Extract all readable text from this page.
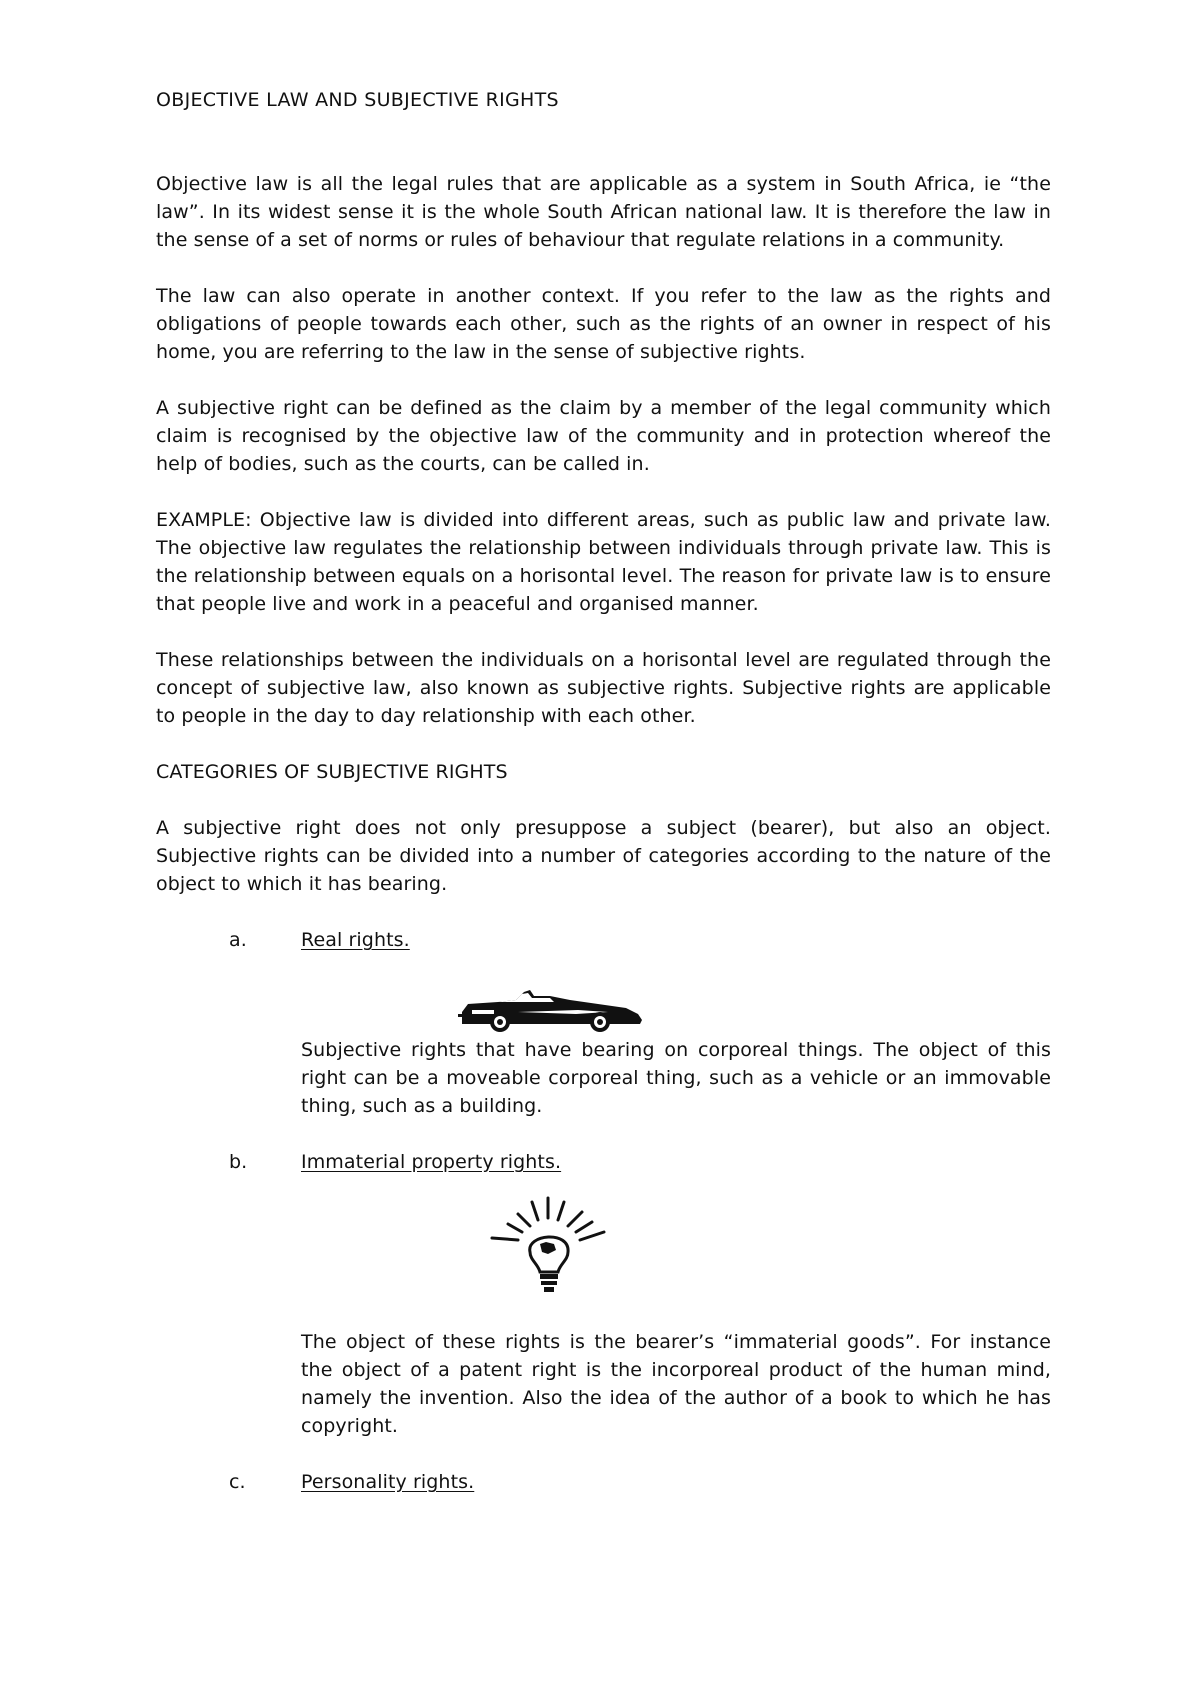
OBJECTIVE LAW AND SUBJECTIVE RIGHTS

Objective law is all the legal rules that are applicable as a system in South Africa, ie “the law”. In its widest sense it is the whole South African national law. It is therefore the law in the sense of a set of norms or rules of behaviour that regulate relations in a community.

The law can also operate in another context. If you refer to the law as the rights and obligations of people towards each other, such as the rights of an owner in respect of his home, you are referring to the law in the sense of subjective rights.

A subjective right can be defined as the claim by a member of the legal community which claim is recognised by the objective law of the community and in protection whereof the help of bodies, such as the courts, can be called in.

EXAMPLE: Objective law is divided into different areas, such as public law and private law. The objective law regulates the relationship between individuals through private law. This is the relationship between equals on a horisontal level. The reason for private law is to ensure that people live and work in a peaceful and organised manner.

These relationships between the individuals on a horisontal level are regulated through the concept of subjective law, also known as subjective rights. Subjective rights are applicable to people in the day to day relationship with each other.

CATEGORIES OF SUBJECTIVE RIGHTS

A subjective right does not only presuppose a subject (bearer), but also an object. Subjective rights can be divided into a number of categories according to the nature of the object to which it has bearing.

a.	Real rights.

Subjective rights that have bearing on corporeal things. The object of this right can be a moveable corporeal thing, such as a vehicle or an immovable thing, such as a building.

b.	Immaterial property rights.

The object of these rights is the bearer’s “immaterial goods”. For instance the object of a patent right is the incorporeal product of the human mind, namely the invention. Also the idea of the author of a book to which he has copyright.

c.	Personality rights.
